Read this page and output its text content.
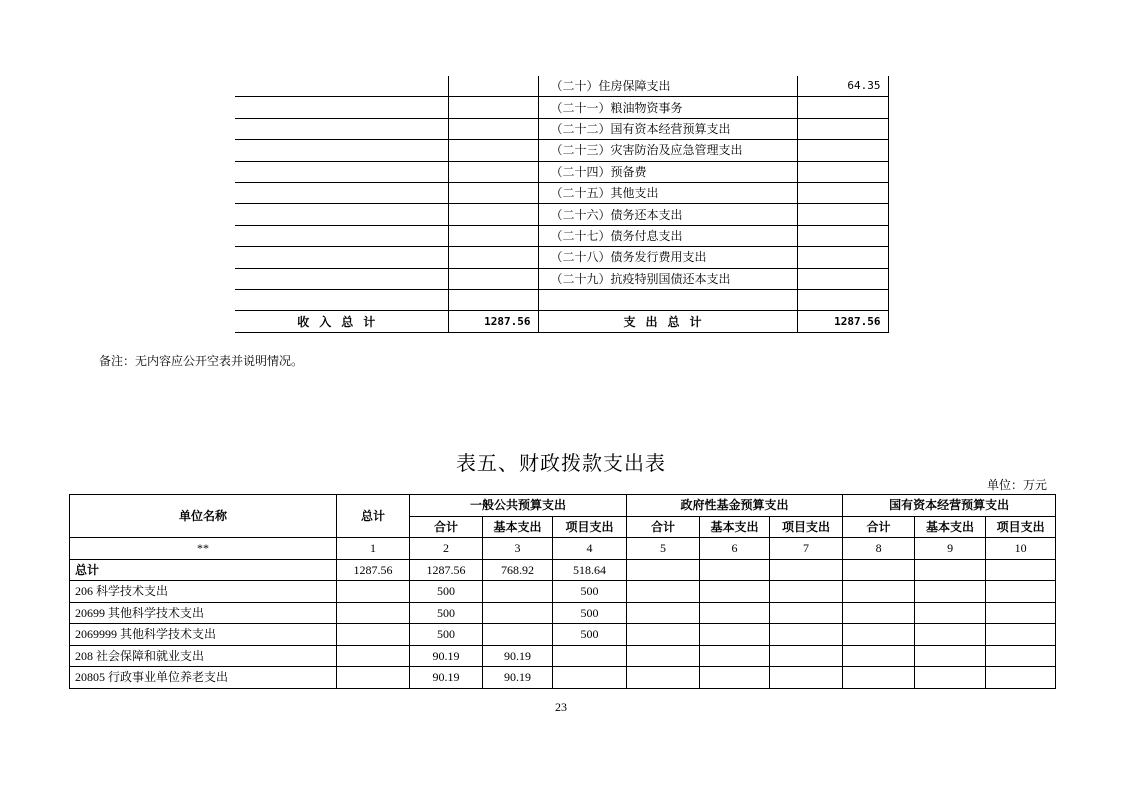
		（二十）住房保障支出	64.35
		（二十一）粮油物资事务	
		（二十二）国有资本经营预算支出	
		（二十三）灾害防治及应急管理支出	
		（二十四）预备费	
		（二十五）其他支出	
		（二十六）债务还本支出	
		（二十七）债务付息支出	
		（二十八）债务发行费用支出	
		（二十九）抗疫特别国债还本支出	

收入总计	1287.56	支出总计	1287.56
备注：无内容应公开空表并说明情况。
表五、财政拨款支出表
单位：万元
单位名称	总计	一般公共预算支出			政府性基金预算支出			国有资本经营预算支出		
		合计	基本支出	项目支出	合计	基本支出	项目支出	合计	基本支出	项目支出
**	1	2	3	4	5	6	7	8	9	10
总计	1287.56	1287.56	768.92	518.64						
206 科学技术支出		500		500						
20699 其他科学技术支出		500		500						
2069999 其他科学技术支出		500		500						
208 社会保障和就业支出		90.19	90.19							
20805 行政事业单位养老支出		90.19	90.19							
23
